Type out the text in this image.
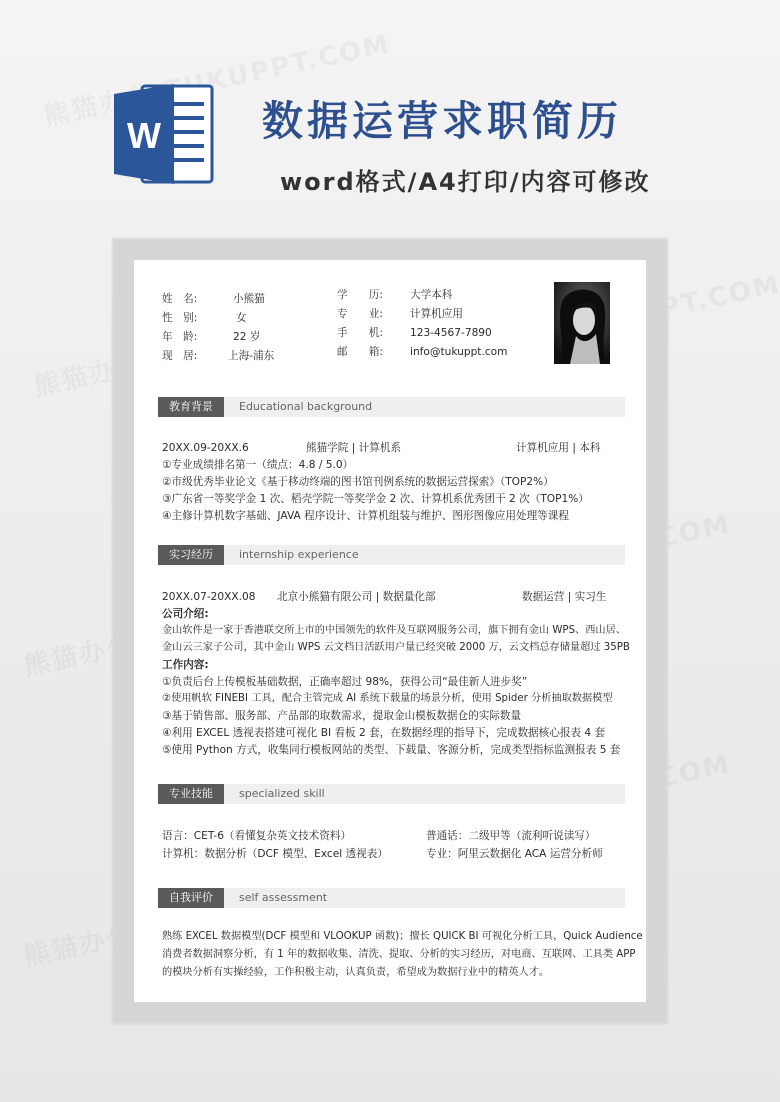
W 数据运营求职简历
word格式/A4打印/内容可修改
姓　名:	小熊猫
性　别:	女
年　龄:	22 岁
现　居:	上海-浦东
学　　历:	大学本科
专　　业:	计算机应用
手　　机:	123-4567-7890
邮　　箱:	info@tukuppt.com
教育背景	Educational background
20XX.09-20XX.6	熊猫学院 | 计算机系	计算机应用 | 本科
①专业成绩排名第一（绩点：4.8 / 5.0）
②市级优秀毕业论文《基于移动终端的图书馆刊例系统的数据运营探索》（TOP2%）
③广东省一等奖学金 1 次、稻壳学院一等奖学金 2 次、计算机系优秀团干 2 次（TOP1%）
④主修计算机数字基础、JAVA 程序设计、计算机组装与维护、图形图像应用处理等课程
实习经历	internship experience
20XX.07-20XX.08 北京小熊猫有限公司 | 数据量化部	数据运营 | 实习生
公司介绍:
金山软件是一家于香港联交所上市的中国领先的软件及互联网服务公司，旗下拥有金山 WPS、西山居、
金山云三家子公司，其中金山 WPS 云文档日活跃用户量已经突破 2000 万，云文档总存储量超过 35PB
工作内容:
①负责后台上传模板基础数据，正确率超过 98%，获得公司“最佳新人进步奖”
②使用帆软 FINEBI 工具，配合主管完成 AI 系统下载量的场景分析，使用 Spider 分析抽取数据模型
③基于销售部、服务部、产品部的取数需求，提取金山模板数据仓的实际数量
④利用 EXCEL 透视表搭建可视化 BI 看板 2 套，在数据经理的指导下，完成数据核心报表 4 套
⑤使用 Python 方式，收集同行模板网站的类型、下载量、客源分析，完成类型指标监测报表 5 套
专业技能	specialized skill
语言：CET-6（看懂复杂英文技术资料）	普通话：二级甲等（流利听说读写）
计算机：数据分析（DCF 模型、Excel 透视表）	专业：阿里云数据化 ACA 运营分析师
自我评价	self assessment
熟练 EXCEL 数据模型(DCF 模型和 VLOOKUP 函数)；擅长 QUICK BI 可视化分析工具，Quick Audience
消费者数据洞察分析，有 1 年的数据收集、清洗、提取、分析的实习经历，对电商、互联网、工具类 APP
的模块分析有实操经验，工作积极主动，认真负责，希望成为数据行业中的精英人才。
